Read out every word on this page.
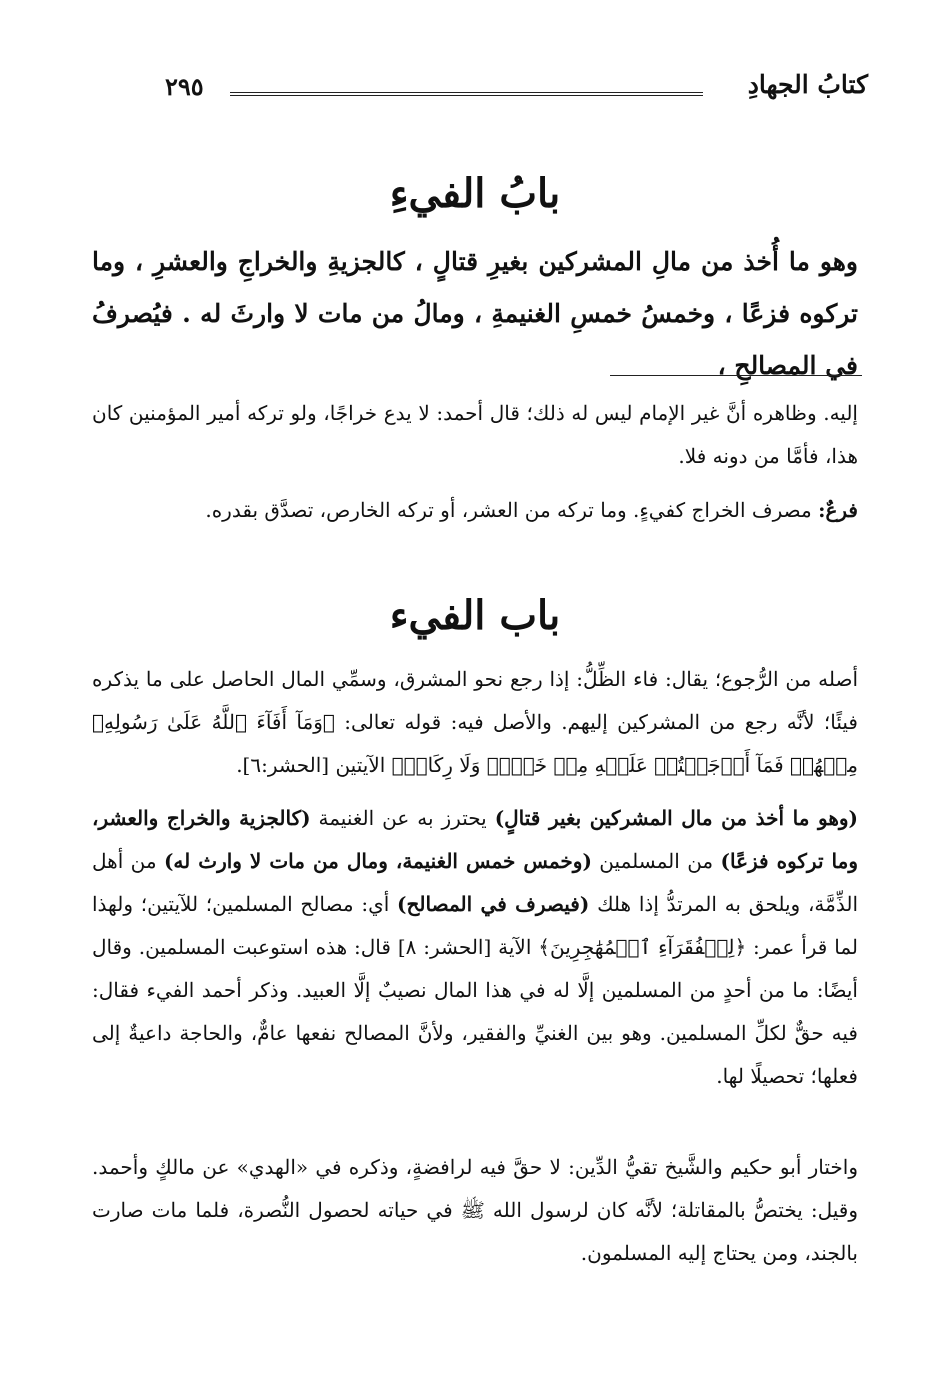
كتابُ الجهادِ
٢٩٥
بابُ الفيءِ

وهو ما أُخذ من مالِ المشركين بغيرِ قتالٍ ، كالجزيةِ والخراجِ والعشرِ ، وما تركوه فزعًا ، وخمسُ خمسِ الغنيمةِ ، ومالُ من مات لا وارثَ له . فيُصرفُ في المصالحِ ،

إليه. وظاهره أنَّ غير الإمام ليس له ذلك؛ قال أحمد: لا يدع خراجًا، ولو تركه أمير المؤمنين كان هذا، فأمَّا من دونه فلا.

فرعٌ: مصرف الخراج كفيءٍ. وما تركه من العشر، أو تركه الخارص، تصدَّق بقدره.

باب الفيء

أصله من الرُّجوع؛ يقال: فاء الظِّلُّ: إذا رجع نحو المشرق، وسمِّي المال الحاصل على ما يذكره فيئًا؛ لأنَّه رجع من المشركين إليهم. والأصل فيه: قوله تعالى: ﴿وَمَآ أَفَآءَ ٱللَّهُ عَلَىٰ رَسُولِهِۦ مِنۡهُمۡ فَمَآ أَوۡجَفۡتُمۡ عَلَيۡهِ مِنۡ خَيۡلٖ وَلَا رِكَابٖ﴾ الآيتين [الحشر:٦].

(وهو ما أخذ من مال المشركين بغير قتالٍ) يحترز به عن الغنيمة (كالجزية والخراج والعشر، وما تركوه فزعًا) من المسلمين (وخمس خمس الغنيمة، ومال من مات لا وارث له) من أهل الذِّمَّة، ويلحق به المرتدُّ إذا هلك (فيصرف في المصالح) أي: مصالح المسلمين؛ للآيتين؛ ولهذا لما قرأ عمر: ﴿لِلۡفُقَرَآءِ ٱلۡمُهَٰجِرِينَ﴾ الآية [الحشر: ٨] قال: هذه استوعبت المسلمين. وقال أيضًا: ما من أحدٍ من المسلمين إلَّا له في هذا المال نصيبٌ إلَّا العبيد. وذكر أحمد الفيء فقال: فيه حقٌّ لكلِّ المسلمين. وهو بين الغنيِّ والفقير، ولأنَّ المصالح نفعها عامٌّ، والحاجة داعيةٌ إلى فعلها؛ تحصيلًا لها.

واختار أبو حكيم والشَّيخ تقيُّ الدِّين: لا حقَّ فيه لرافضةٍ، وذكره في «الهدي» عن مالكٍ وأحمد. وقيل: يختصُّ بالمقاتلة؛ لأنَّه كان لرسول الله ﷺ في حياته لحصول النُّصرة، فلما مات صارت بالجند، ومن يحتاج إليه المسلمون.
